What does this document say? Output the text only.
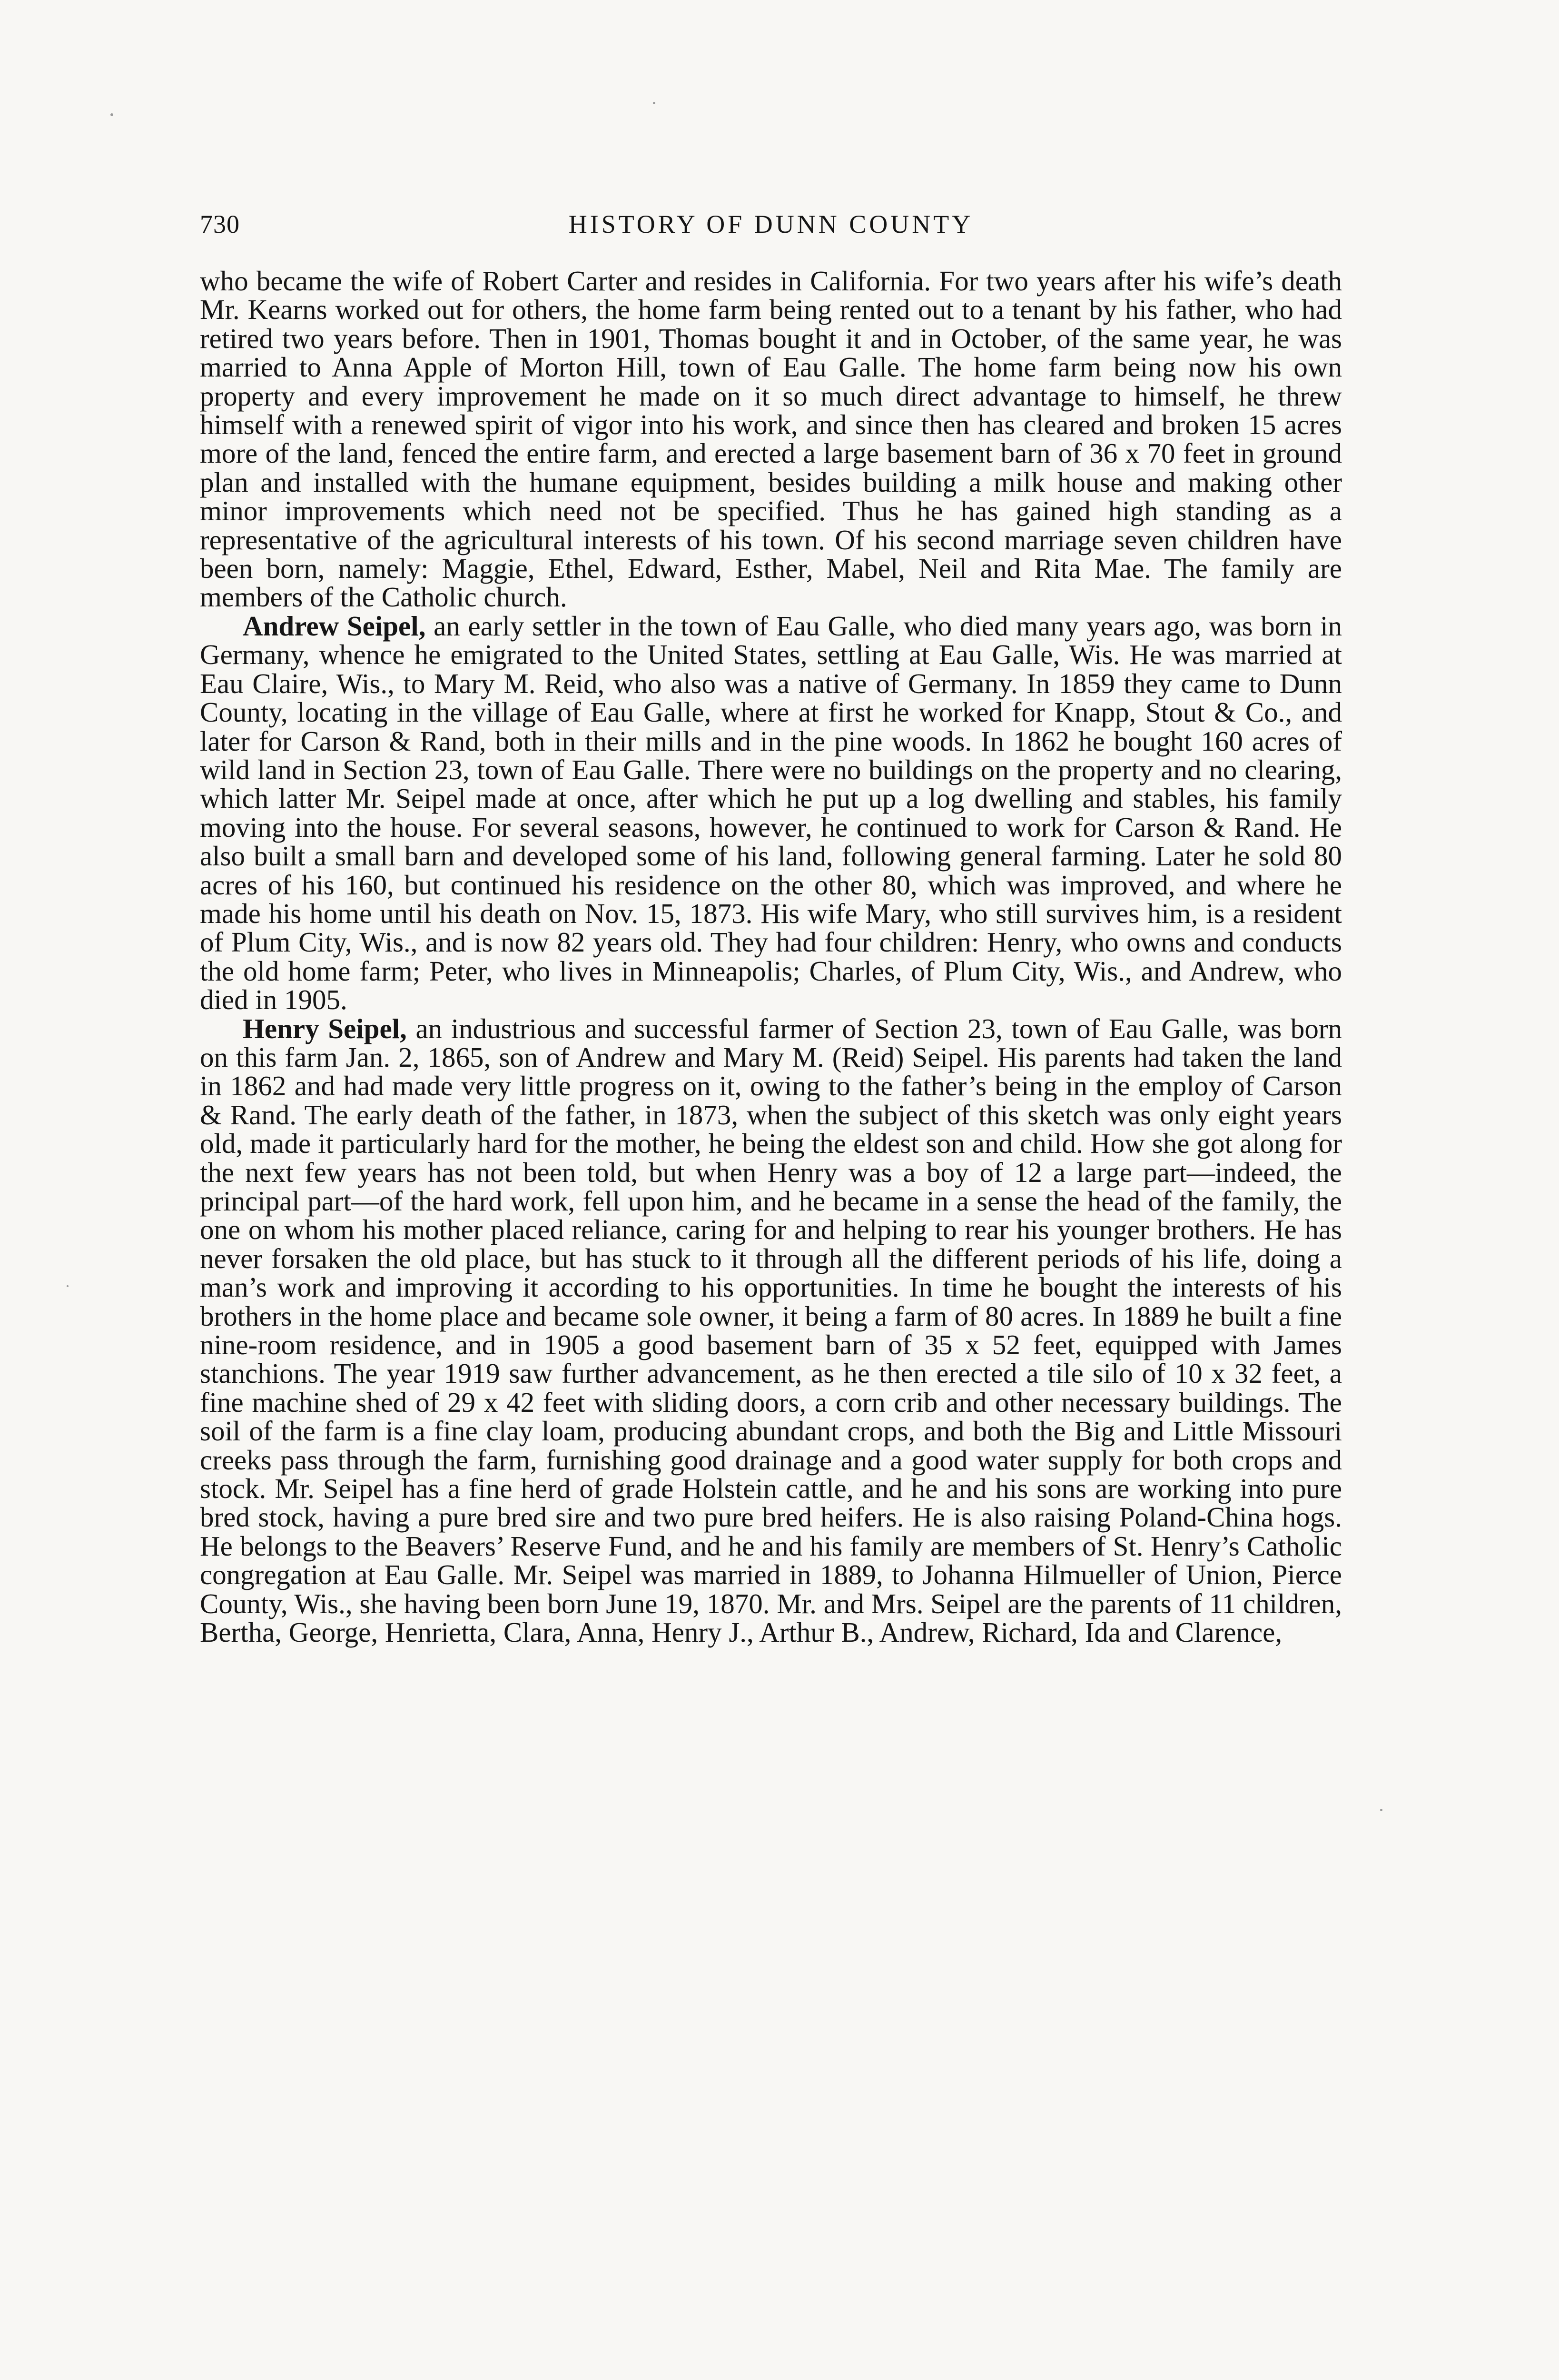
730	HISTORY OF DUNN COUNTY

who became the wife of Robert Carter and resides in California. For two years after his wife’s death Mr. Kearns worked out for others, the home farm being rented out to a tenant by his father, who had retired two years before. Then in 1901, Thomas bought it and in October, of the same year, he was married to Anna Apple of Morton Hill, town of Eau Galle. The home farm being now his own property and every improvement he made on it so much direct advantage to himself, he threw himself with a renewed spirit of vigor into his work, and since then has cleared and broken 15 acres more of the land, fenced the entire farm, and erected a large basement barn of 36 x 70 feet in ground plan and installed with the humane equipment, besides building a milk house and making other minor improvements which need not be specified. Thus he has gained high standing as a representative of the agricultural interests of his town. Of his second marriage seven children have been born, namely: Maggie, Ethel, Edward, Esther, Mabel, Neil and Rita Mae. The family are members of the Catholic church.

Andrew Seipel, an early settler in the town of Eau Galle, who died many years ago, was born in Germany, whence he emigrated to the United States, settling at Eau Galle, Wis. He was married at Eau Claire, Wis., to Mary M. Reid, who also was a native of Germany. In 1859 they came to Dunn County, locating in the village of Eau Galle, where at first he worked for Knapp, Stout & Co., and later for Carson & Rand, both in their mills and in the pine woods. In 1862 he bought 160 acres of wild land in Section 23, town of Eau Galle. There were no buildings on the property and no clearing, which latter Mr. Seipel made at once, after which he put up a log dwelling and stables, his family moving into the house. For several seasons, however, he continued to work for Carson & Rand. He also built a small barn and developed some of his land, following general farming. Later he sold 80 acres of his 160, but continued his residence on the other 80, which was improved, and where he made his home until his death on Nov. 15, 1873. His wife Mary, who still survives him, is a resident of Plum City, Wis., and is now 82 years old. They had four children: Henry, who owns and conducts the old home farm; Peter, who lives in Minneapolis; Charles, of Plum City, Wis., and Andrew, who died in 1905.

Henry Seipel, an industrious and successful farmer of Section 23, town of Eau Galle, was born on this farm Jan. 2, 1865, son of Andrew and Mary M. (Reid) Seipel. His parents had taken the land in 1862 and had made very little progress on it, owing to the father’s being in the employ of Carson & Rand. The early death of the father, in 1873, when the subject of this sketch was only eight years old, made it particularly hard for the mother, he being the eldest son and child. How she got along for the next few years has not been told, but when Henry was a boy of 12 a large part—indeed, the principal part—of the hard work, fell upon him, and he became in a sense the head of the family, the one on whom his mother placed reliance, caring for and helping to rear his younger brothers. He has never forsaken the old place, but has stuck to it through all the different periods of his life, doing a man’s work and improving it according to his opportunities. In time he bought the interests of his brothers in the home place and became sole owner, it being a farm of 80 acres. In 1889 he built a fine nine-room residence, and in 1905 a good basement barn of 35 x 52 feet, equipped with James stanchions. The year 1919 saw further advancement, as he then erected a tile silo of 10 x 32 feet, a fine machine shed of 29 x 42 feet with sliding doors, a corn crib and other necessary buildings. The soil of the farm is a fine clay loam, producing abundant crops, and both the Big and Little Missouri creeks pass through the farm, furnishing good drainage and a good water supply for both crops and stock. Mr. Seipel has a fine herd of grade Holstein cattle, and he and his sons are working into pure bred stock, having a pure bred sire and two pure bred heifers. He is also raising Poland-China hogs. He belongs to the Beavers’ Reserve Fund, and he and his family are members of St. Henry’s Catholic congregation at Eau Galle. Mr. Seipel was married in 1889, to Johanna Hilmueller of Union, Pierce County, Wis., she having been born June 19, 1870. Mr. and Mrs. Seipel are the parents of 11 children, Bertha, George, Henrietta, Clara, Anna, Henry J., Arthur B., Andrew, Richard, Ida and Clarence,
